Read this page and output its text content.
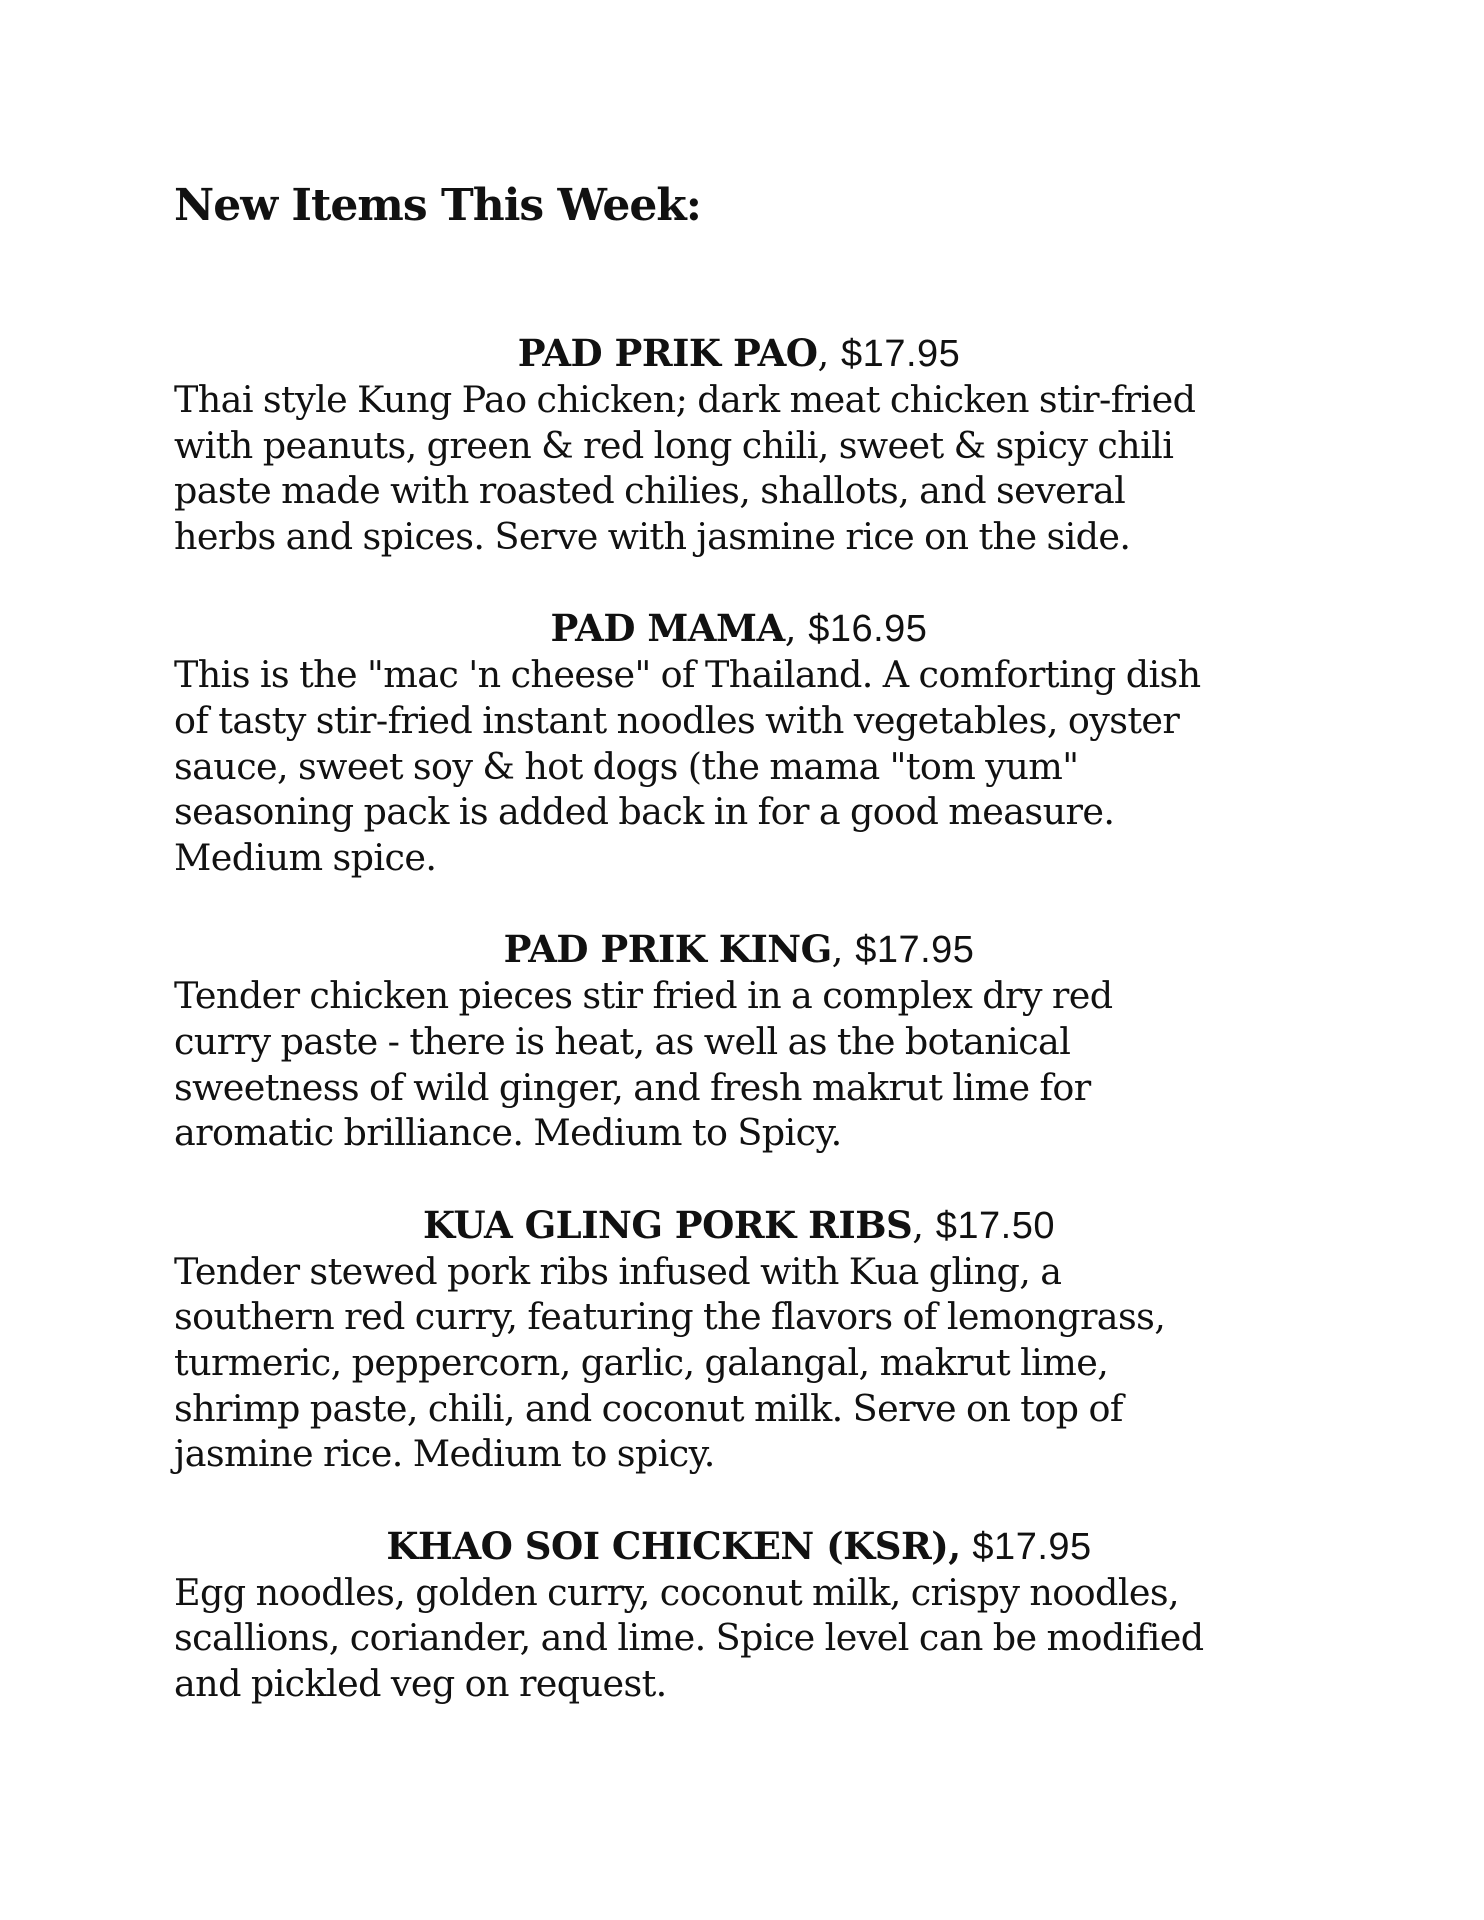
New Items This Week:

PAD PRIK PAO, $17.95

Thai style Kung Pao chicken; dark meat chicken stir-fried
with peanuts, green & red long chili, sweet & spicy chili
paste made with roasted chilies, shallots, and several
herbs and spices. Serve with jasmine rice on the side.

PAD MAMA, $16.95

This is the "mac 'n cheese" of Thailand. A comforting dish
of tasty stir-fried instant noodles with vegetables, oyster
sauce, sweet soy & hot dogs (the mama "tom yum"
seasoning pack is added back in for a good measure.
Medium spice.

PAD PRIK KING, $17.95

Tender chicken pieces stir fried in a complex dry red
curry paste - there is heat, as well as the botanical
sweetness of wild ginger, and fresh makrut lime for
aromatic brilliance. Medium to Spicy.

KUA GLING PORK RIBS, $17.50

Tender stewed pork ribs infused with Kua gling, a
southern red curry, featuring the flavors of lemongrass,
turmeric, peppercorn, garlic, galangal, makrut lime,
shrimp paste, chili, and coconut milk. Serve on top of
jasmine rice. Medium to spicy.

KHAO SOI CHICKEN (KSR), $17.95

Egg noodles, golden curry, coconut milk, crispy noodles,
scallions, coriander, and lime. Spice level can be modified
and pickled veg on request.
